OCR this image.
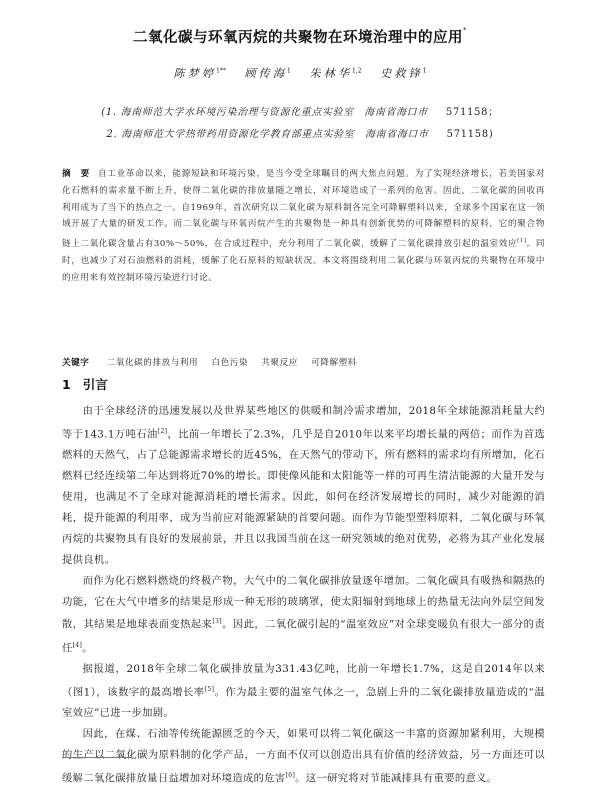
二氧化碳与环氧丙烷的共聚物在环境治理中的应用*
陈梦婷$^{1**}$ 顾传海$^1$ 朱林华$^{1,2}$ 史救锋$^1$
(1. 海南师范大学水环境污染治理与资源化重点实验室　海南省海口市 571158；
2. 海南师范大学热带药用资源化学教育部重点实验室　海南省海口市 571158)
摘　要 自工业革命以来，能源短缺和环境污染，是当今受全球瞩目的两大焦点问题。为了实现经济增长，若美国家对化石燃料的需求量不断上升，使得二氧化碳的排放量随之增长，对环境造成了一系列的危害。因此，二氧化碳的回收再利用成为了当下的热点之一。自1969年，首次研究以二氧化碳为原料制各完全可降解塑料以来，全球多个国家在这一领域开展了大量的研发工作。而二氧化碳与环氧丙烷产生的共聚物是一种具有创新优势的可降解塑料的原料，它的聚合物链上二氧化碳含量占有30%～50%，在合成过程中，充分利用了二氧化碳，缓解了二氧化碳排放引起的温室效应[1]。同时，也减少了对石油燃料的消耗，缓解了化石原料的短缺状况。本文将围绕利用二氧化碳与环氧丙烷的共聚物在环境中的应用来有效控制环境污染进行讨论。
关键字 二氧化碳的排放与利用 白色污染 共聚反应 可降解塑料
1 引言

由于全球经济的迅速发展以及世界某些地区的供暖和制冷需求增加，2018年全球能源消耗量大约等于143.1万吨石油[2]，比前一年增长了2.3%，几乎是自2010年以来平均增长量的两倍；而作为首选燃料的天然气，占了总能源需求增长的近45%，在天然气的带动下，所有燃料的需求均有所增加，化石燃料已经连续第二年达到将近70%的增长。即使像风能和太阳能等一样的可再生清洁能源的大量开发与使用，也满足不了全球对能源消耗的增长需求。因此，如何在经济发展增长的同时，减少对能源的消耗，提升能源的利用率，成为当前应对能源紧缺的首要问题。而作为节能型塑料原料，二氧化碳与环氧丙烷的共聚物具有良好的发展前景，并且以我国当前在这一研究领域的绝对优势，必将为其产业化发展提供良机。

而作为化石燃料燃烧的终极产物，大气中的二氧化碳排放量逐年增加。二氧化碳具有吸热和隔热的功能，它在大气中增多的结果是形成一种无形的玻璃罩，使太阳辐射到地球上的热量无法向外层空间发散，其结果是地球表面变热起来[3]。因此，二氧化碳引起的“温室效应”对全球变暖负有很大一部分的责任[4]。

据报道，2018年全球二氧化碳排放量为331.43亿吨，比前一年增长1.7%，这是自2014年以来（图1），该数字的最高增长率[5]。作为最主要的温室气体之一，急剧上升的二氧化碳排放量造成的“温室效应”已进一步加剧。

因此，在煤、石油等传统能源匮乏的今天，如果可以将二氧化碳这一丰富的资源加紧利用，大规模的生产以二氧化碳为原料制的化学产品，一方面不仅可以创造出具有价值的经济效益，另一方面还可以缓解二氧化碳排放量日益增加对环境造成的危害[6]。这一研究将对节能减排具有重要的意义。
